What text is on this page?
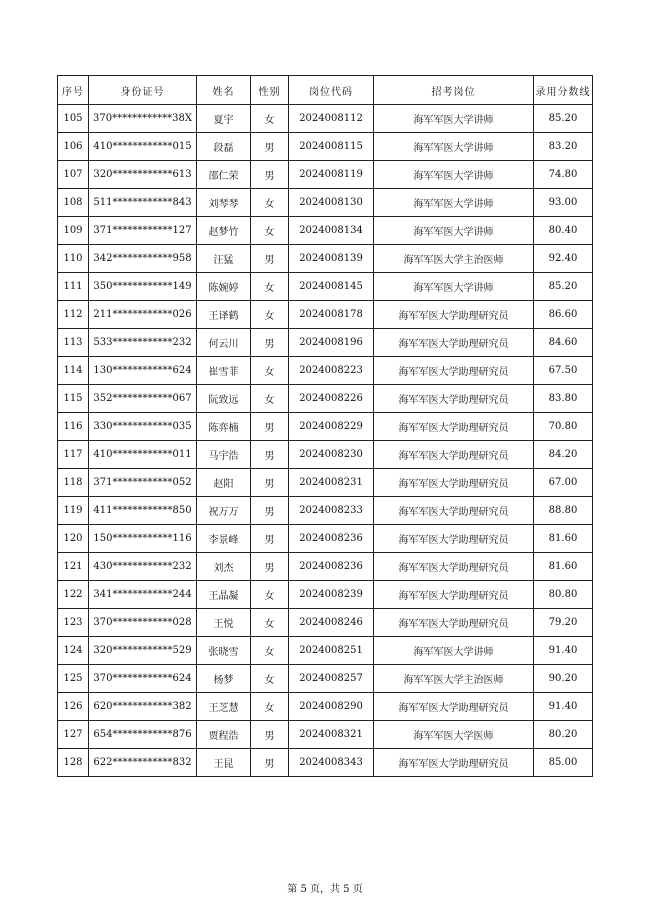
序号	身份证号	姓名	性别	岗位代码	招考岗位	录用分数线
105	370************38X	夏宇	女	2024008112	海军军医大学讲师	85.20
106	410************015	段磊	男	2024008115	海军军医大学讲师	83.20
107	320************613	邵仁荣	男	2024008119	海军军医大学讲师	74.80
108	511************843	刘琴琴	女	2024008130	海军军医大学讲师	93.00
109	371************127	赵梦竹	女	2024008134	海军军医大学讲师	80.40
110	342************958	汪猛	男	2024008139	海军军医大学主治医师	92.40
111	350************149	陈婉婷	女	2024008145	海军军医大学讲师	85.20
112	211************026	王译鹤	女	2024008178	海军军医大学助理研究员	86.60
113	533************232	何云川	男	2024008196	海军军医大学助理研究员	84.60
114	130************624	崔雪菲	女	2024008223	海军军医大学助理研究员	67.50
115	352************067	阮致远	女	2024008226	海军军医大学助理研究员	83.80
116	330************035	陈弈楠	男	2024008229	海军军医大学助理研究员	70.80
117	410************011	马宇浩	男	2024008230	海军军医大学助理研究员	84.20
118	371************052	赵阳	男	2024008231	海军军医大学助理研究员	67.00
119	411************850	祝万万	男	2024008233	海军军医大学助理研究员	88.80
120	150************116	李景峰	男	2024008236	海军军医大学助理研究员	81.60
121	430************232	刘杰	男	2024008236	海军军医大学助理研究员	81.60
122	341************244	王晶凝	女	2024008239	海军军医大学助理研究员	80.80
123	370************028	王悦	女	2024008246	海军军医大学助理研究员	79.20
124	320************529	张晓雪	女	2024008251	海军军医大学讲师	91.40
125	370************624	杨梦	女	2024008257	海军军医大学主治医师	90.20
126	620************382	王芝慧	女	2024008290	海军军医大学助理研究员	91.40
127	654************876	贾程浩	男	2024008321	海军军医大学医师	80.20
128	622************832	王昆	男	2024008343	海军军医大学助理研究员	85.00
第 5 页，共 5 页
